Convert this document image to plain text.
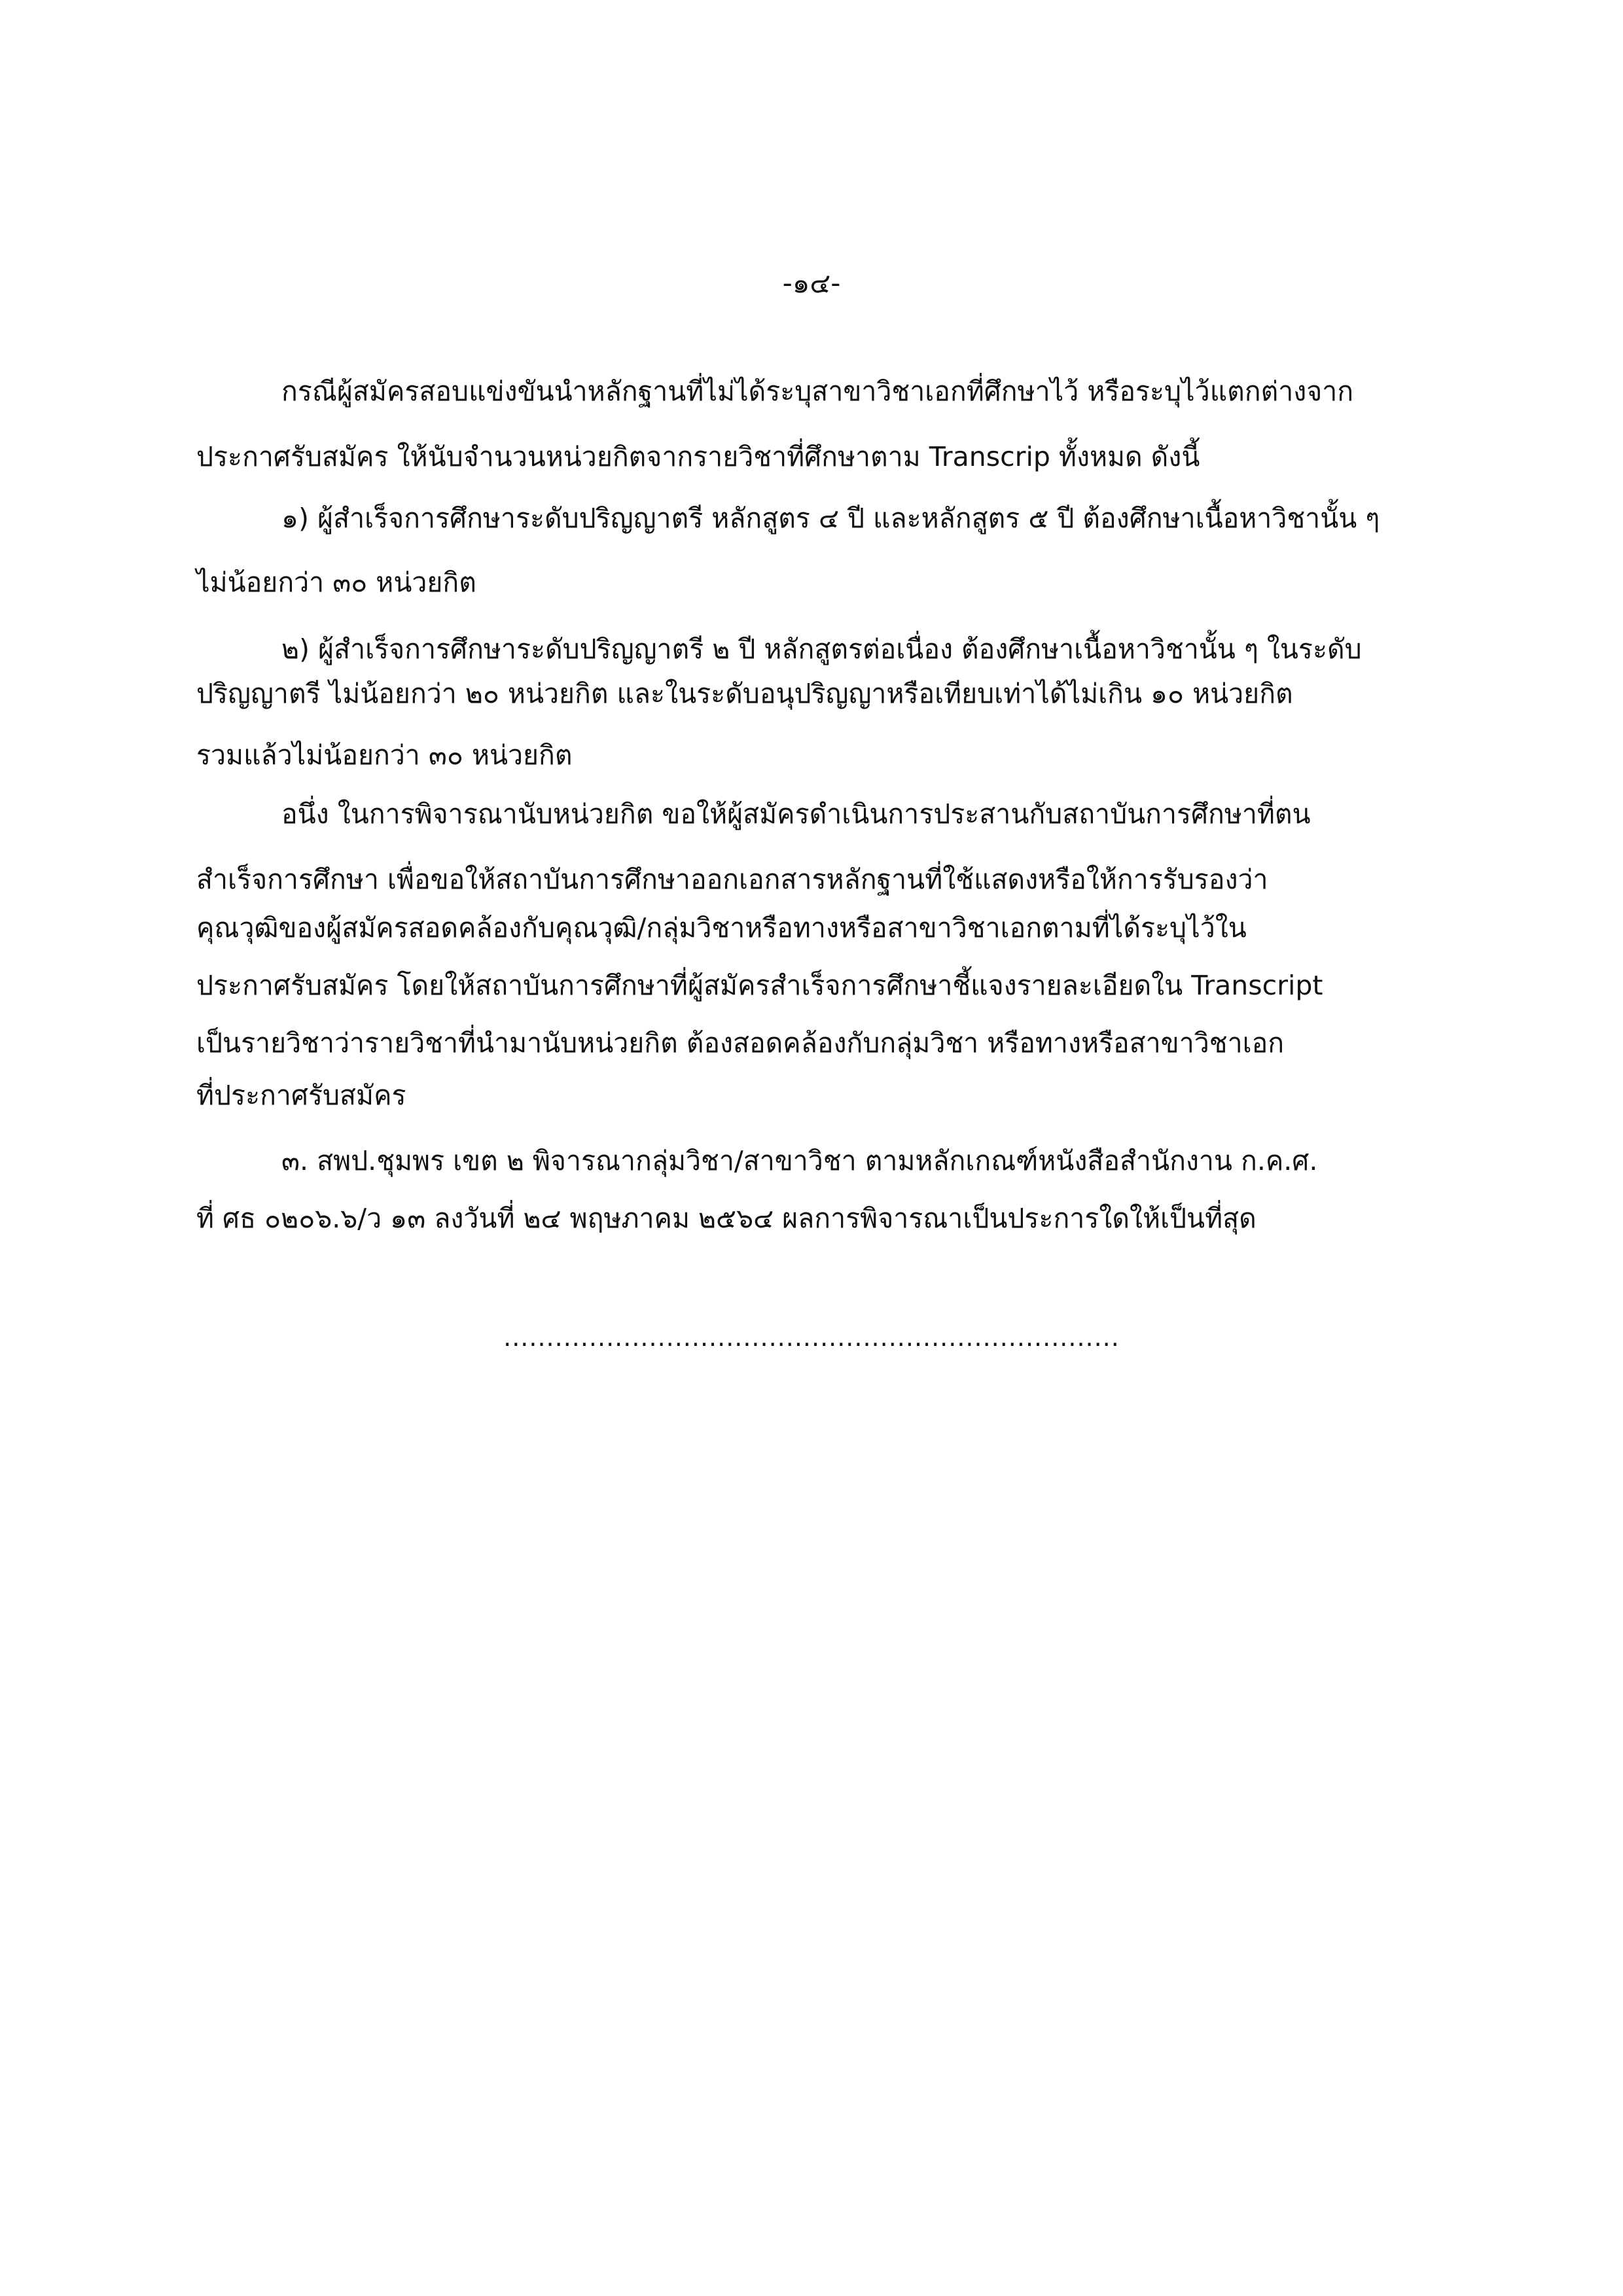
-๑๔-
กรณีผู้สมัครสอบแข่งขันนำหลักฐานที่ไม่ได้ระบุสาขาวิชาเอกที่ศึกษาไว้ หรือระบุไว้แตกต่างจาก
ประกาศรับสมัคร ให้นับจำนวนหน่วยกิตจากรายวิชาที่ศึกษาตาม Transcrip ทั้งหมด ดังนี้
๑) ผู้สำเร็จการศึกษาระดับปริญญาตรี หลักสูตร ๔ ปี และหลักสูตร ๕ ปี ต้องศึกษาเนื้อหาวิชานั้น ๆ
ไม่น้อยกว่า ๓๐ หน่วยกิต
๒) ผู้สำเร็จการศึกษาระดับปริญญาตรี ๒ ปี หลักสูตรต่อเนื่อง ต้องศึกษาเนื้อหาวิชานั้น ๆ ในระดับ
ปริญญาตรี ไม่น้อยกว่า ๒๐ หน่วยกิต และในระดับอนุปริญญาหรือเทียบเท่าได้ไม่เกิน ๑๐ หน่วยกิต
รวมแล้วไม่น้อยกว่า ๓๐ หน่วยกิต
อนึ่ง ในการพิจารณานับหน่วยกิต ขอให้ผู้สมัครดำเนินการประสานกับสถาบันการศึกษาที่ตน
สำเร็จการศึกษา เพื่อขอให้สถาบันการศึกษาออกเอกสารหลักฐานที่ใช้แสดงหรือให้การรับรองว่า
คุณวุฒิของผู้สมัครสอดคล้องกับคุณวุฒิ/กลุ่มวิชาหรือทางหรือสาขาวิชาเอกตามที่ได้ระบุไว้ใน
ประกาศรับสมัคร โดยให้สถาบันการศึกษาที่ผู้สมัครสำเร็จการศึกษาชี้แจงรายละเอียดใน Transcript
เป็นรายวิชาว่ารายวิชาที่นำมานับหน่วยกิต ต้องสอดคล้องกับกลุ่มวิชา หรือทางหรือสาขาวิชาเอก
ที่ประกาศรับสมัคร
๓. สพป.ชุมพร เขต ๒ พิจารณากลุ่มวิชา/สาขาวิชา ตามหลักเกณฑ์หนังสือสำนักงาน ก.ค.ศ.
ที่ ศธ ๐๒๐๖.๖/ว ๑๓ ลงวันที่ ๒๔ พฤษภาคม ๒๕๖๔ ผลการพิจารณาเป็นประการใดให้เป็นที่สุด
........................................................................
